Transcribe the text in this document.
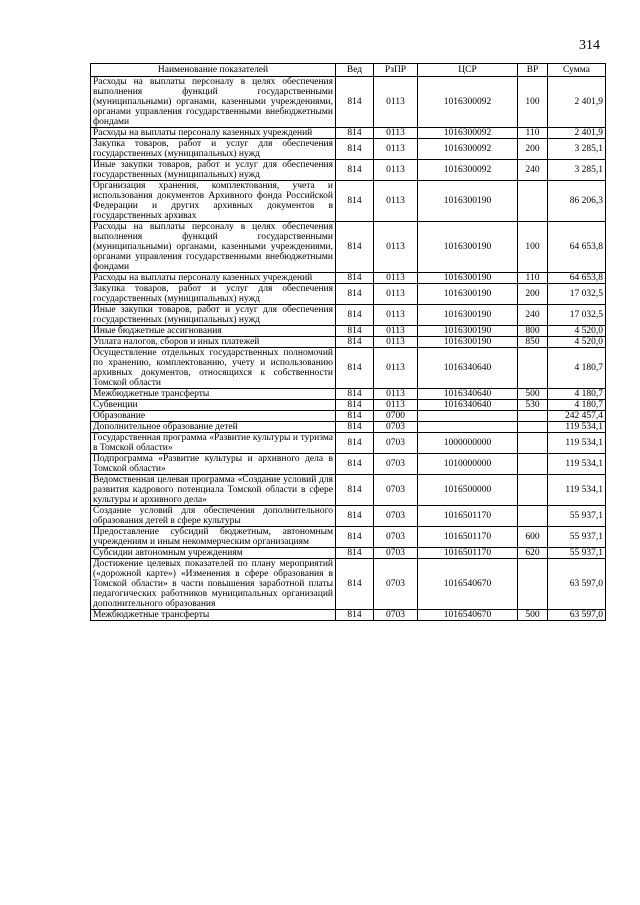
314
Наименование показателей	Вед	РзПР	ЦСР	ВР	Сумма
Расходы на выплаты персоналу в целях обеспечения выполнения функций государственными (муниципальными) органами, казенными учреждениями, органами управления государственными внебюджетными фондами	814	0113	1016300092	100	2 401,9
Расходы на выплаты персоналу казенных учреждений	814	0113	1016300092	110	2 401,9
Закупка товаров, работ и услуг для обеспечения государственных (муниципальных) нужд	814	0113	1016300092	200	3 285,1
Иные закупки товаров, работ и услуг для обеспечения государственных (муниципальных) нужд	814	0113	1016300092	240	3 285,1
Организация хранения, комплектования, учета и использования документов Архивного фонда Российской Федерации и других архивных документов в государственных архивах	814	0113	1016300190		86 206,3
Расходы на выплаты персоналу в целях обеспечения выполнения функций государственными (муниципальными) органами, казенными учреждениями, органами управления государственными внебюджетными фондами	814	0113	1016300190	100	64 653,8
Расходы на выплаты персоналу казенных учреждений	814	0113	1016300190	110	64 653,8
Закупка товаров, работ и услуг для обеспечения государственных (муниципальных) нужд	814	0113	1016300190	200	17 032,5
Иные закупки товаров, работ и услуг для обеспечения государственных (муниципальных) нужд	814	0113	1016300190	240	17 032,5
Иные бюджетные ассигнования	814	0113	1016300190	800	4 520,0
Уплата налогов, сборов и иных платежей	814	0113	1016300190	850	4 520,0
Осуществление отдельных государственных полномочий по хранению, комплектованию, учету и использованию архивных документов, относящихся к собственности Томской области	814	0113	1016340640		4 180,7
Межбюджетные трансферты	814	0113	1016340640	500	4 180,7
Субвенции	814	0113	1016340640	530	4 180,7
Образование	814	0700			242 457,4
Дополнительное образование детей	814	0703			119 534,1
Государственная программа «Развитие культуры и туризма в Томской области»	814	0703	1000000000		119 534,1
Подпрограмма «Развитие культуры и архивного дела в Томской области»	814	0703	1010000000		119 534,1
Ведомственная целевая программа «Создание условий для развития кадрового потенциала Томской области в сфере культуры и архивного дела»	814	0703	1016500000		119 534,1
Создание условий для обеспечения дополнительного образования детей в сфере культуры	814	0703	1016501170		55 937,1
Предоставление субсидий бюджетным, автономным учреждениям и иным некоммерческим организациям	814	0703	1016501170	600	55 937,1
Субсидии автономным учреждениям	814	0703	1016501170	620	55 937,1
Достижение целевых показателей по плану мероприятий («дорожной карте») «Изменения в сфере образования в Томской области» в части повышения заработной платы педагогических работников муниципальных организаций дополнительного образования	814	0703	1016540670		63 597,0
Межбюджетные трансферты	814	0703	1016540670	500	63 597,0
